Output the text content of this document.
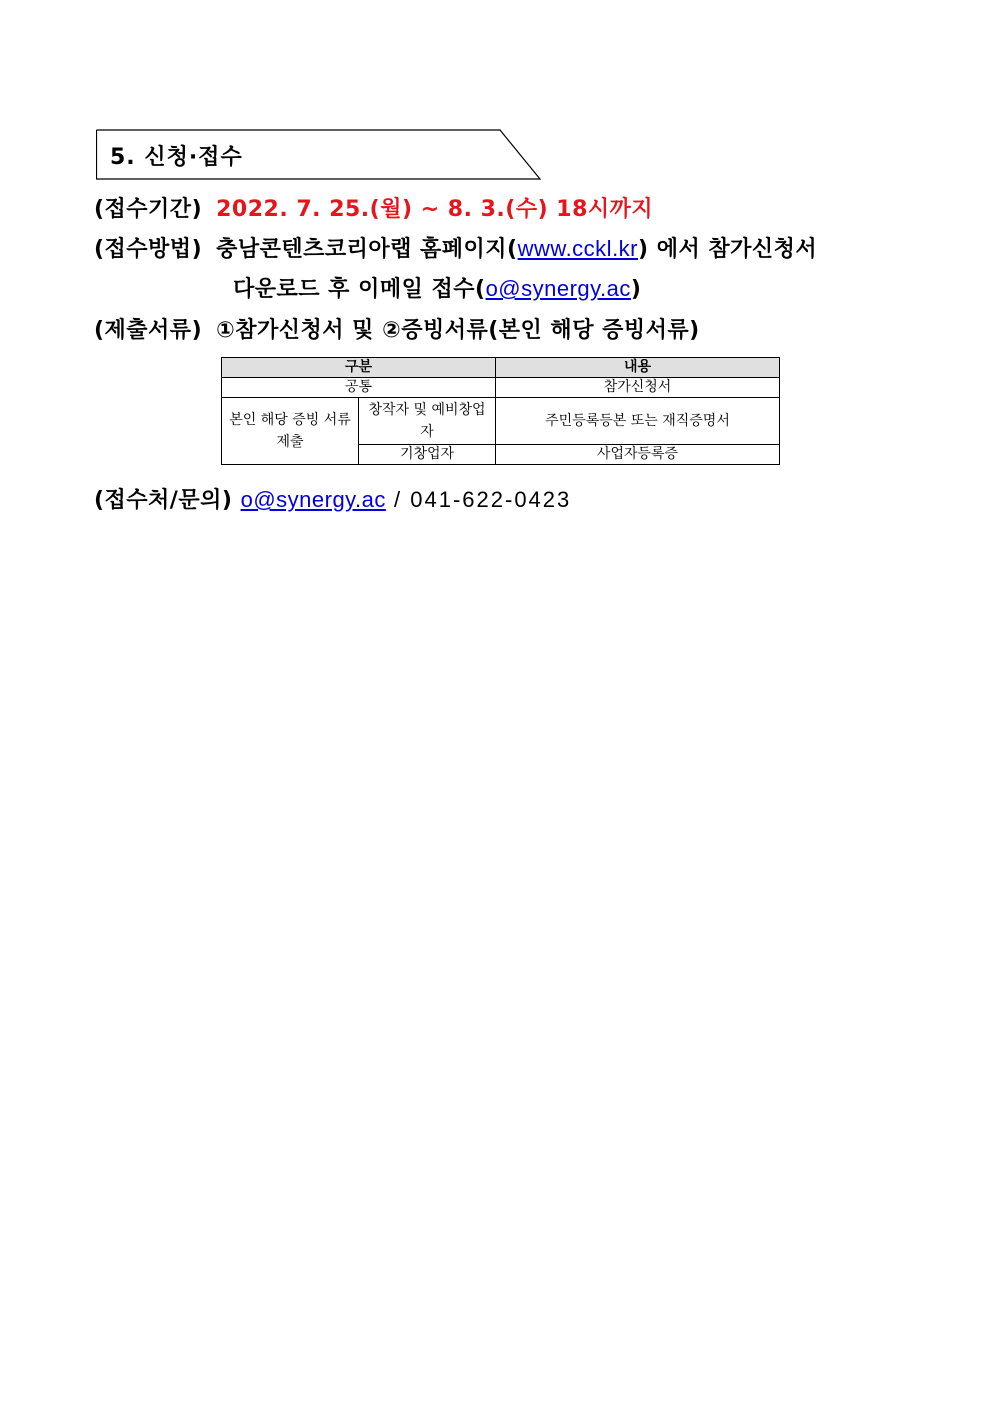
5. 신청·접수
(접수기간) 2022. 7. 25.(월) ~ 8. 3.(수) 18시까지
(접수방법) 충남콘텐츠코리아랩 홈페이지(www.cckl.kr) 에서 참가신청서
다운로드 후 이메일 접수(o@synergy.ac)
(제출서류) ①참가신청서 및 ②증빙서류(본인 해당 증빙서류)
구분		내용
공통		참가신청서
본인 해당 증빙 서류 제출	창작자 및 예비창업자	주민등록등본 또는 재직증명서
	기창업자	사업자등록증
(접수처/문의) o@synergy.ac / 041-622-0423
